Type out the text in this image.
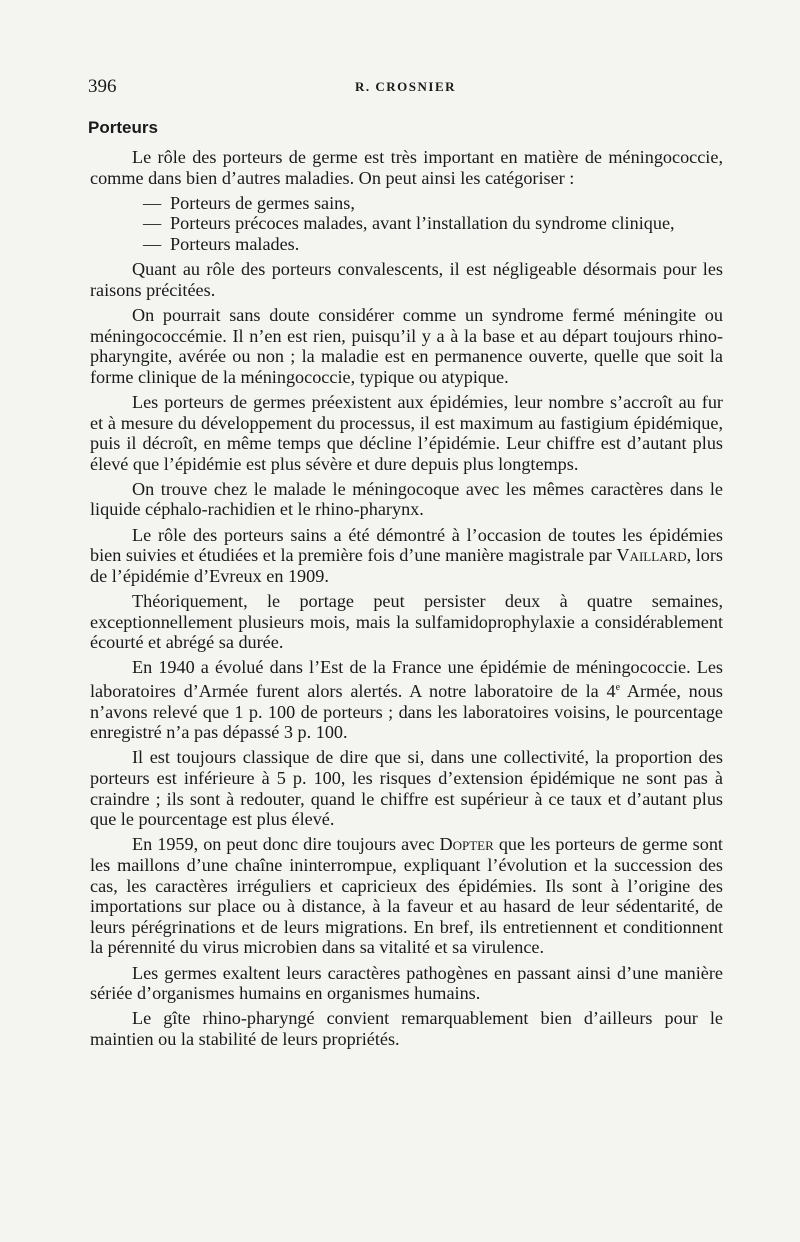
396	R. CROSNIER
Porteurs

Le rôle des porteurs de germe est très important en matière de méningococcie, comme dans bien d’autres maladies. On peut ainsi les catégoriser :

— Porteurs de germes sains,
— Porteurs précoces malades, avant l’installation du syndrome clinique,
— Porteurs malades.

Quant au rôle des porteurs convalescents, il est négligeable désormais pour les raisons précitées.

On pourrait sans doute considérer comme un syndrome fermé méningite ou méningococcémie. Il n’en est rien, puisqu’il y a à la base et au départ toujours rhino-pharyngite, avérée ou non ; la maladie est en permanence ouverte, quelle que soit la forme clinique de la méningococcie, typique ou atypique.

Les porteurs de germes préexistent aux épidémies, leur nombre s’accroît au fur et à mesure du développement du processus, il est maximum au fastigium épidémique, puis il décroît, en même temps que décline l’épidémie. Leur chiffre est d’autant plus élevé que l’épidémie est plus sévère et dure depuis plus longtemps.

On trouve chez le malade le méningocoque avec les mêmes caractères dans le liquide céphalo-rachidien et le rhino-pharynx.

Le rôle des porteurs sains a été démontré à l’occasion de toutes les épidémies bien suivies et étudiées et la première fois d’une manière magistrale par Vaillard, lors de l’épidémie d’Evreux en 1909.

Théoriquement, le portage peut persister deux à quatre semaines, exceptionnellement plusieurs mois, mais la sulfamidoprophylaxie a considérablement écourté et abrégé sa durée.

En 1940 a évolué dans l’Est de la France une épidémie de méningococcie. Les laboratoires d’Armée furent alors alertés. A notre laboratoire de la 4e Armée, nous n’avons relevé que 1 p. 100 de porteurs ; dans les laboratoires voisins, le pourcentage enregistré n’a pas dépassé 3 p. 100.

Il est toujours classique de dire que si, dans une collectivité, la proportion des porteurs est inférieure à 5 p. 100, les risques d’extension épidémique ne sont pas à craindre ; ils sont à redouter, quand le chiffre est supérieur à ce taux et d’autant plus que le pourcentage est plus élevé.

En 1959, on peut donc dire toujours avec Dopter que les porteurs de germe sont les maillons d’une chaîne ininterrompue, expliquant l’évolution et la succession des cas, les caractères irréguliers et capricieux des épidémies. Ils sont à l’origine des importations sur place ou à distance, à la faveur et au hasard de leur sédentarité, de leurs pérégrinations et de leurs migrations. En bref, ils entretiennent et conditionnent la pérennité du virus microbien dans sa vitalité et sa virulence.

Les germes exaltent leurs caractères pathogènes en passant ainsi d’une manière sériée d’organismes humains en organismes humains.

Le gîte rhino-pharyngé convient remarquablement bien d’ailleurs pour le maintien ou la stabilité de leurs propriétés.
